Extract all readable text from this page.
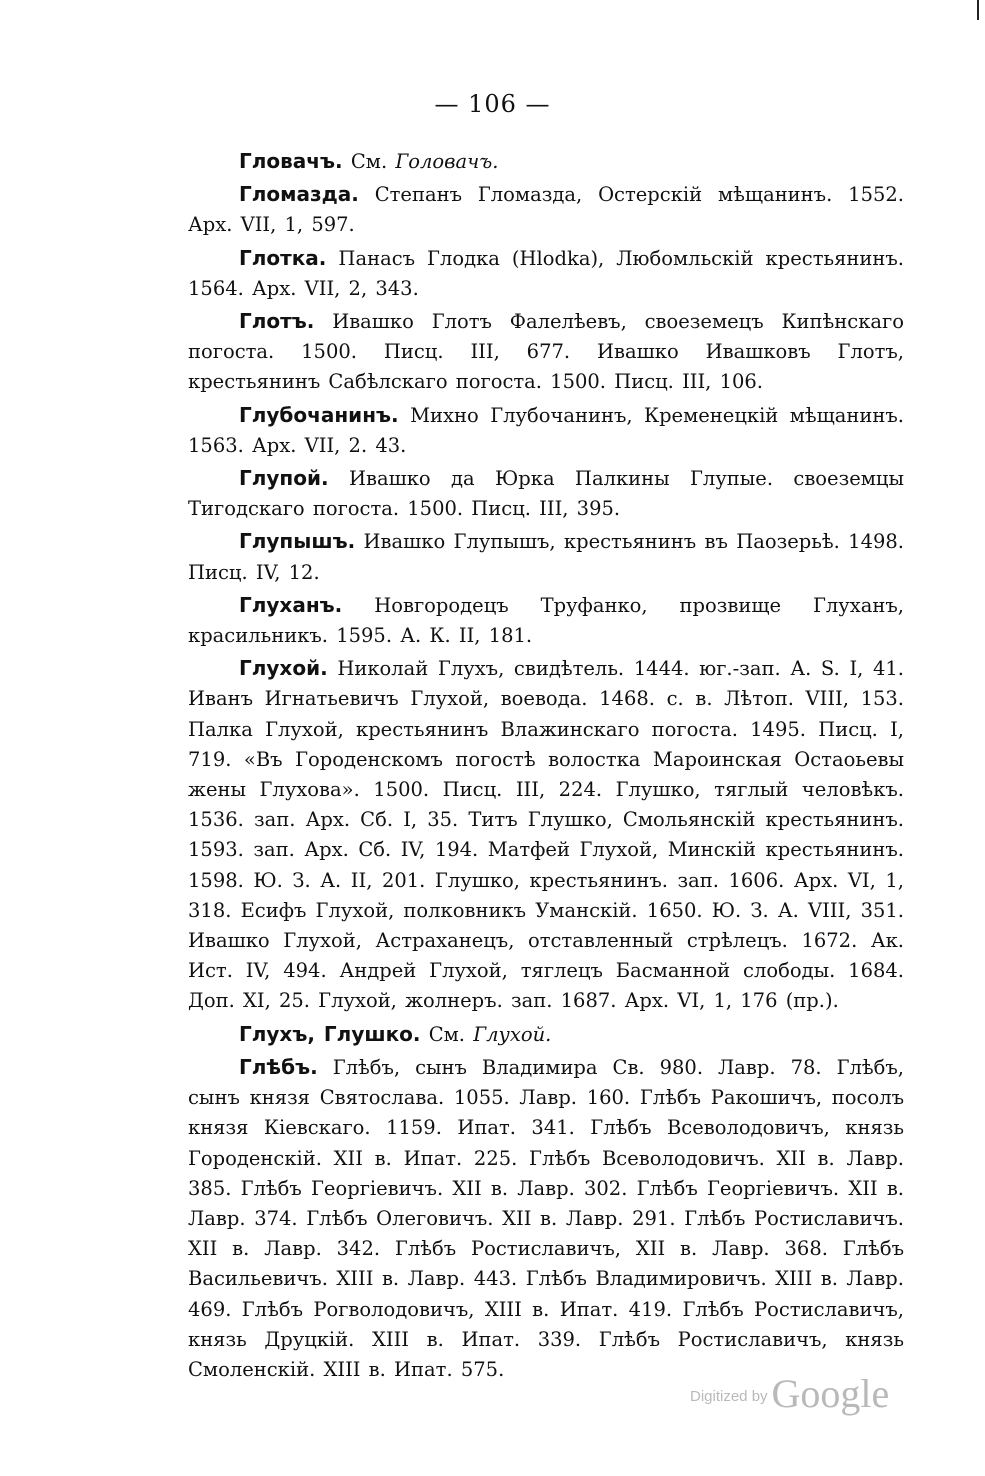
— 106 —

Гловачъ. См. Головачъ.

Гломазда. Степанъ Гломазда, Остерскій мѣщанинъ. 1552. Арх. VII, 1, 597.

Глотка. Панасъ Глодка (Hlodka), Любомльскій крестьянинъ. 1564. Арх. VII, 2, 343.

Глотъ. Ивашко Глотъ Фалелѣевъ, своеземецъ Кипѣнскаго погоста. 1500. Писц. III, 677. Ивашко Ивашковъ Глотъ, крестьянинъ Сабѣлскаго погоста. 1500. Писц. III, 106.

Глубочанинъ. Михно Глубочанинъ, Кременецкій мѣщанинъ. 1563. Арх. VII, 2. 43.

Глупой. Ивашко да Юрка Палкины Глупые. своеземцы Тигодскаго погоста. 1500. Писц. III, 395.

Глупышъ. Ивашко Глупышъ, крестьянинъ въ Паозерьѣ. 1498. Писц. IV, 12.

Глуханъ. Новгородецъ Труфанко, прозвище Глуханъ, красильникъ. 1595. А. К. II, 181.

Глухой. Николай Глухъ, свидѣтель. 1444. юг.-зап. А. S. I, 41. Иванъ Игнатьевичъ Глухой, воевода. 1468. с. в. Лѣтоп. VIII, 153. Палка Глухой, крестьянинъ Влажинскаго погоста. 1495. Писц. I, 719. «Въ Городенскомъ погостѣ волостка Мароинская Остаоьевы жены Глухова». 1500. Писц. III, 224. Глушко, тяглый человѣкъ. 1536. зап. Арх. Сб. I, 35. Титъ Глушко, Смольянскій крестьянинъ. 1593. зап. Арх. Сб. IV, 194. Матфей Глухой, Минскій крестьянинъ. 1598. Ю. З. А. II, 201. Глушко, крестьянинъ. зап. 1606. Арх. VI, 1, 318. Есифъ Глухой, полковникъ Уманскій. 1650. Ю. З. А. VIII, 351. Ивашко Глухой, Астраханецъ, отставленный стрѣлецъ. 1672. Ак. Ист. IV, 494. Андрей Глухой, тяглецъ Басманной слободы. 1684. Доп. XI, 25. Глухой, жолнеръ. зап. 1687. Арх. VI, 1, 176 (пр.).

Глухъ, Глушко. См. Глухой.

Глѣбъ. Глѣбъ, сынъ Владимира Св. 980. Лавр. 78. Глѣбъ, сынъ князя Святослава. 1055. Лавр. 160. Глѣбъ Ракошичъ, посолъ князя Кіевскаго. 1159. Ипат. 341. Глѣбъ Всеволодовичъ, князь Городенскій. XII в. Ипат. 225. Глѣбъ Всеволодовичъ. XII в. Лавр. 385. Глѣбъ Георгіевичъ. XII в. Лавр. 302. Глѣбъ Георгіевичъ. XII в. Лавр. 374. Глѣбъ Олеговичъ. XII в. Лавр. 291. Глѣбъ Ростиславичъ. XII в. Лавр. 342. Глѣбъ Ростиславичъ, XII в. Лавр. 368. Глѣбъ Васильевичъ. XIII в. Лавр. 443. Глѣбъ Владимировичъ. XIII в. Лавр. 469. Глѣбъ Рогволодовичъ, XIII в. Ипат. 419. Глѣбъ Ростиславичъ, князь Друцкій. XIII в. Ипат. 339. Глѣбъ Ростиславичъ, князь Смоленскій. XIII в. Ипат. 575.

Digitized by Google
